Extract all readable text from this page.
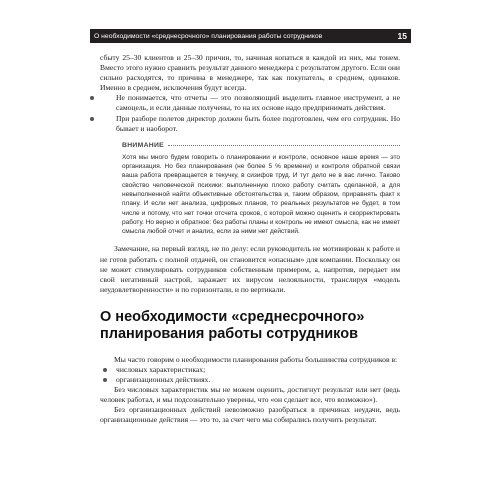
О необходимости «среднесрочного» планирования работы сотрудников	15

сбыту 25–30 клиентов и 25–30 причин, то, начиная копаться в каждой из них, мы тонем. Вместо этого нужно сравнить результат данного менеджера с результатом другого. Если они сильно расходятся, то причина в менеджере, так как покупатель, в среднем, одинаков. Именно в среднем, исключения будут всегда.

Не понимается, что отчеты — это позволяющий выделить главное инструмент, а не самоцель, и если данные получены, то на их основе надо предпринимать действия.

При разборе полетов директор должен быть более подготовлен, чем его сотрудник. Но бывает и наоборот.

ВНИМАНИЕ
Хотя мы много будем говорить о планировании и контроле, основное наше время — это организация. Но без планирования (не более 5 % времени) и контроля обратной связи ваша работа превращается в текучку, в сизифов труд. И тут дело не в вас лично. Таково свойство человеческой психики: выполненную плохо работу считать сделанной, а для невыполненной найти объективные обстоятельства и, таким образом, приравнять факт к плану. И если нет анализа, цифровых планов, то реальных результатов не будет, в том числе и потому, что нет точки отсчета сроков, с которой можно оценить и скорректировать работу. Но верно и обратное: без работы планы и контроль не имеют смысла, как не имеет смысла любой отчет и анализ, если за ними нет действий.

Замечание, на первый взгляд, не по делу: если руководитель не мотивирован к работе и не готов работать с полной отдачей, он становится «опасным» для компании. Поскольку он не может стимулировать сотрудников собственным примером, а, напротив, передает им свой негативный настрой, заражает их вирусом нелояльности, транслируя «модель неудовлетворенности» и по горизонтали, и по вертикали.

О необходимости «среднесрочного» планирования работы сотрудников

Мы часто говорим о необходимости планирования работы большинства сотрудников в:

числовых характеристиках;
организационных действиях.

Без числовых характеристик мы не можем оценить, достигнут результат или нет (ведь человек работал, и мы подсознательно уверены, что «он сделает все, что возможно»).

Без организационных действий невозможно разобраться в причинах неудачи, ведь организационные действия — это то, за счет чего мы собирались получить результат.
